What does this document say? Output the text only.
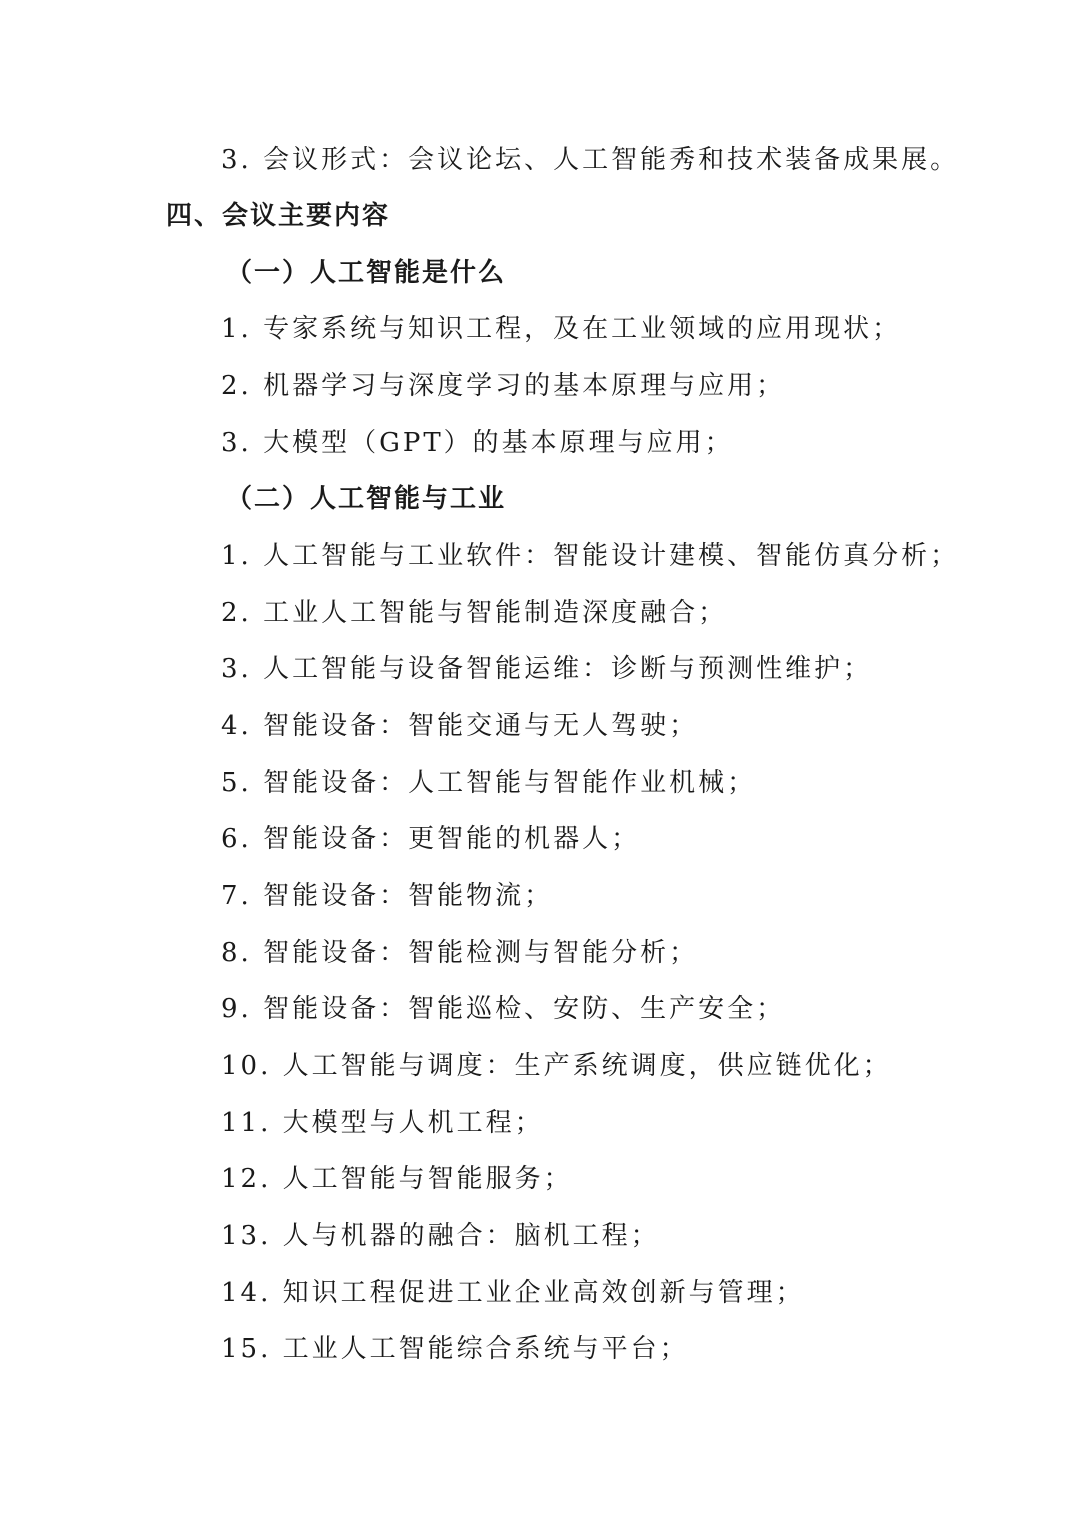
3. 会议形式：会议论坛、人工智能秀和技术装备成果展。
四、会议主要内容
（一）人工智能是什么
1. 专家系统与知识工程，及在工业领域的应用现状；
2. 机器学习与深度学习的基本原理与应用；
3. 大模型（GPT）的基本原理与应用；
（二）人工智能与工业
1. 人工智能与工业软件：智能设计建模、智能仿真分析；
2. 工业人工智能与智能制造深度融合；
3. 人工智能与设备智能运维：诊断与预测性维护；
4. 智能设备：智能交通与无人驾驶；
5. 智能设备：人工智能与智能作业机械；
6. 智能设备：更智能的机器人；
7. 智能设备：智能物流；
8. 智能设备：智能检测与智能分析；
9. 智能设备：智能巡检、安防、生产安全；
10. 人工智能与调度：生产系统调度，供应链优化；
11. 大模型与人机工程；
12. 人工智能与智能服务；
13. 人与机器的融合：脑机工程；
14. 知识工程促进工业企业高效创新与管理；
15. 工业人工智能综合系统与平台；
